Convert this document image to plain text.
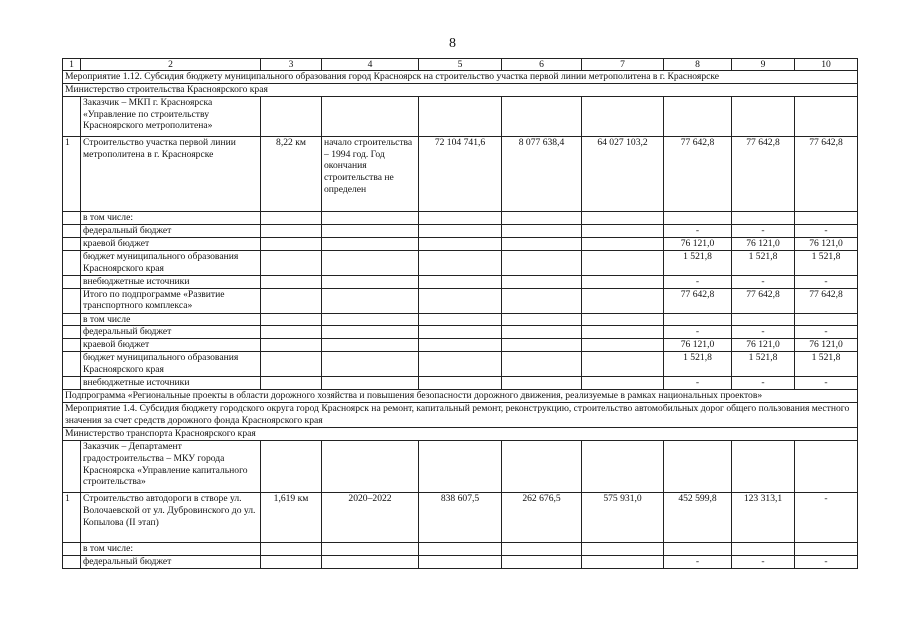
8
1	2	3	4	5	6	7	8	9	10
Мероприятие 1.12. Субсидия бюджету муниципального образования город Красноярск на строительство участка первой линии метрополитена в г. Красноярске									
Министерство строительства Красноярского края									
	Заказчик – МКП г. Красноярска «Управление по строительству Красноярского метрополитена»								
1	Строительство участка первой линии метрополитена в г. Красноярске	8,22 км	начало строительства – 1994 год. Год окончания строительства не определен	72 104 741,6	8 077 638,4	64 027 103,2	77 642,8	77 642,8	77 642,8
	в том числе:								
	федеральный бюджет						-	-	-
	краевой бюджет						76 121,0	76 121,0	76 121,0
	бюджет муниципального образования Красноярского края						1 521,8	1 521,8	1 521,8
	внебюджетные источники						-	-	-
	Итого по подпрограмме «Развитие транспортного комплекса»						77 642,8	77 642,8	77 642,8
	в том числе								
	федеральный бюджет						-	-	-
	краевой бюджет						76 121,0	76 121,0	76 121,0
	бюджет муниципального образования Красноярского края						1 521,8	1 521,8	1 521,8
	внебюджетные источники						-	-	-
Подпрограмма «Региональные проекты в области дорожного хозяйства и повышения безопасности дорожного движения, реализуемые в рамках национальных проектов»									
Мероприятие 1.4. Субсидия бюджету городского округа город Красноярск на ремонт, капитальный ремонт, реконструкцию, строительство автомобильных дорог общего пользования местного значения за счет средств дорожного фонда Красноярского края									
Министерство транспорта Красноярского края									
	Заказчик – Департамент градостроительства – МКУ города Красноярска «Управление капитального строительства»								
1	Строительство автодороги в створе ул. Волочаевской от ул. Дубровинского до ул. Копылова (II этап)	1,619 км	2020–2022	838 607,5	262 676,5	575 931,0	452 599,8	123 313,1	-
	в том числе:								
	федеральный бюджет						-	-	-
